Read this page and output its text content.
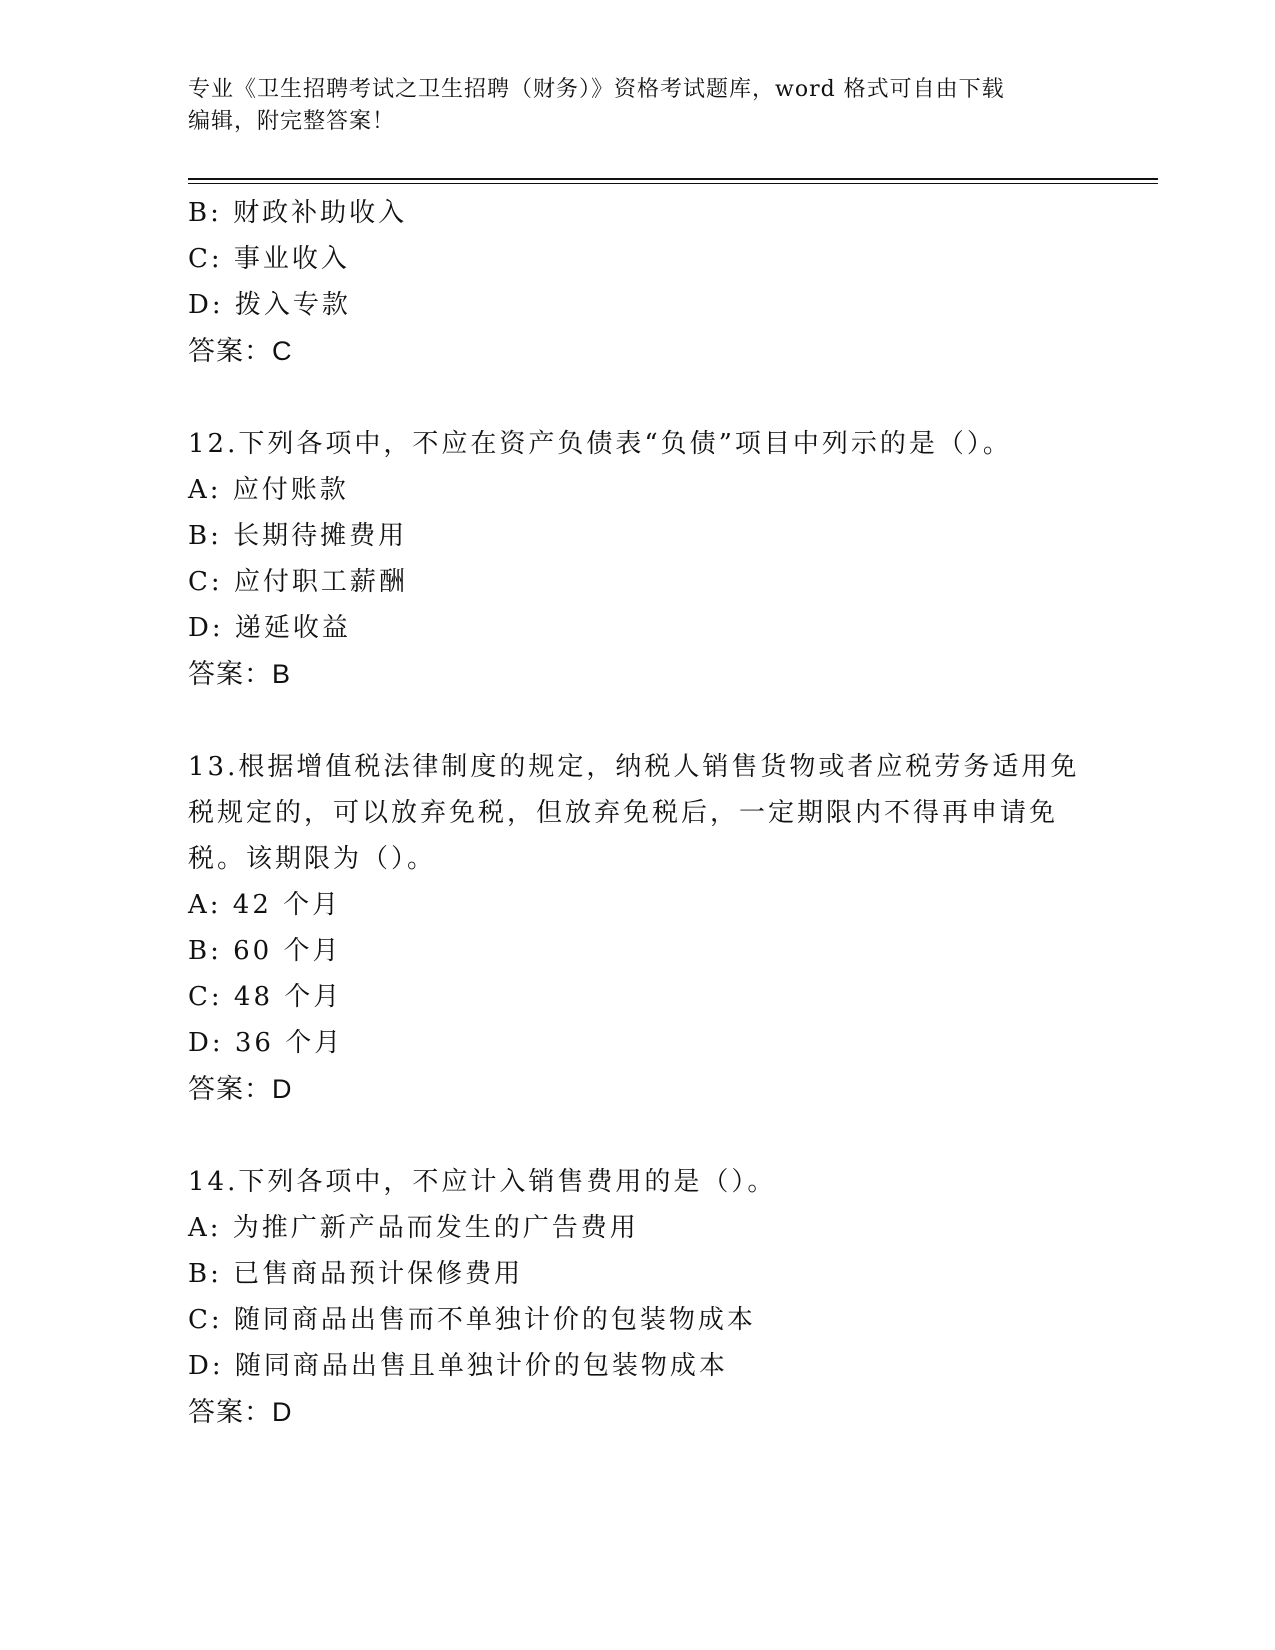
专业《卫生招聘考试之卫生招聘（财务）》资格考试题库，word 格式可自由下载
编辑，附完整答案！
B: 财政补助收入
C: 事业收入
D: 拨入专款
答案：C
12.下列各项中，不应在资产负债表“负债”项目中列示的是（）。
A: 应付账款
B: 长期待摊费用
C: 应付职工薪酬
D: 递延收益
答案：B
13.根据增值税法律制度的规定，纳税人销售货物或者应税劳务适用免
税规定的，可以放弃免税，但放弃免税后，一定期限内不得再申请免
税。该期限为（）。
A: 42 个月
B: 60 个月
C: 48 个月
D: 36 个月
答案：D
14.下列各项中，不应计入销售费用的是（）。
A: 为推广新产品而发生的广告费用
B: 已售商品预计保修费用
C: 随同商品出售而不单独计价的包装物成本
D: 随同商品出售且单独计价的包装物成本
答案：D
